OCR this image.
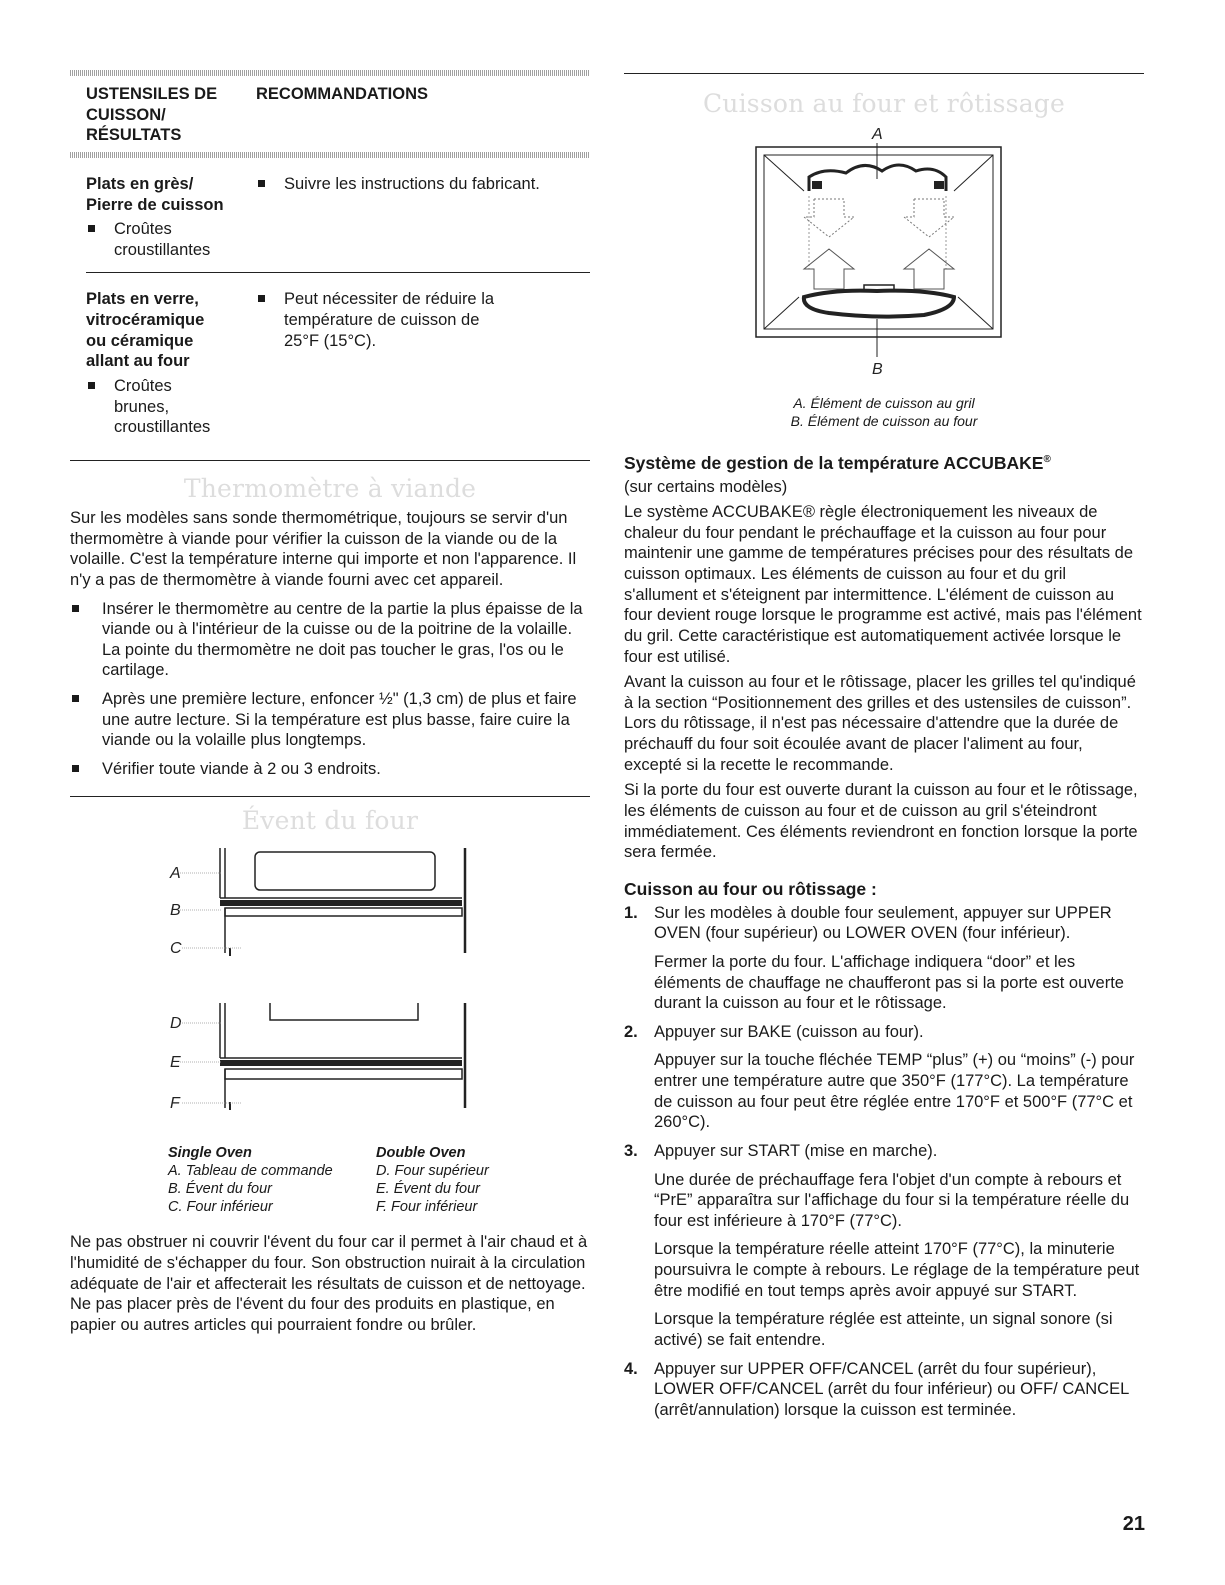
USTENSILES DE
CUISSON/
RÉSULTATS
RECOMMANDATIONS
Plats en grès/
Pierre de cuisson
Croûtes
croustillantes
Suivre les instructions du fabricant.
Plats en verre,
vitrocéramique
ou céramique
allant au four
Croûtes
brunes,
croustillantes
Peut nécessiter de réduire la
température de cuisson de
25°F (15°C).
Thermomètre à viande

Sur les modèles sans sonde thermométrique, toujours se servir d'un thermomètre à viande pour vérifier la cuisson de la viande ou de la volaille. C'est la température interne qui importe et non l'apparence. Il n'y a pas de thermomètre à viande fourni avec cet appareil.

Insérer le thermomètre au centre de la partie la plus épaisse de la viande ou à l'intérieur de la cuisse ou de la poitrine de la volaille. La pointe du thermomètre ne doit pas toucher le gras, l'os ou le cartilage.
Après une première lecture, enfoncer ½" (1,3 cm) de plus et faire une autre lecture. Si la température est plus basse, faire cuire la viande ou la volaille plus longtemps.
Vérifier toute viande à 2 ou 3 endroits.
Évent du four
A
B
C
D
E
F
Single Oven
A. Tableau de commande
B. Évent du four
C. Four inférieur
Double Oven
D. Four supérieur
E. Évent du four
F. Four inférieur

Ne pas obstruer ni couvrir l'évent du four car il permet à l'air chaud et à l'humidité de s'échapper du four. Son obstruction nuirait à la circulation adéquate de l'air et affecterait les résultats de cuisson et de nettoyage. Ne pas placer près de l'évent du four des produits en plastique, en papier ou autres articles qui pourraient fondre ou brûler.

Cuisson au four et rôtissage
A
B
A. Élément de cuisson au gril
B. Élément de cuisson au four
Système de gestion de la température ACCUBAKE®

(sur certains modèles)

Le système ACCUBAKE® règle électroniquement les niveaux de chaleur du four pendant le préchauffage et la cuisson au four pour maintenir une gamme de températures précises pour des résultats de cuisson optimaux. Les éléments de cuisson au four et du gril s'allument et s'éteignent par intermittence. L'élément de cuisson au four devient rouge lorsque le programme est activé, mais pas l'élément du gril. Cette caractéristique est automatiquement activée lorsque le four est utilisé.

Avant la cuisson au four et le rôtissage, placer les grilles tel qu'indiqué à la section “Positionnement des grilles et des ustensiles de cuisson”. Lors du rôtissage, il n'est pas nécessaire d'attendre que la durée de préchauff du four soit écoulée avant de placer l'aliment au four, excepté si la recette le recommande.

Si la porte du four est ouverte durant la cuisson au four et le rôtissage, les éléments de cuisson au four et de cuisson au gril s'éteindront immédiatement. Ces éléments reviendront en fonction lorsque la porte sera fermée.

Cuisson au four ou rôtissage :
1. Sur les modèles à double four seulement, appuyer sur UPPER OVEN (four supérieur) ou LOWER OVEN (four inférieur).

Fermer la porte du four. L'affichage indiquera “door” et les éléments de chauffage ne chaufferont pas si la porte est ouverte durant la cuisson au four et le rôtissage.

2. Appuyer sur BAKE (cuisson au four).

Appuyer sur la touche fléchée TEMP “plus” (+) ou “moins” (-) pour entrer une température autre que 350°F (177°C). La température de cuisson au four peut être réglée entre 170°F et 500°F (77°C et 260°C).

3. Appuyer sur START (mise en marche).

Une durée de préchauffage fera l'objet d'un compte à rebours et “PrE” apparaîtra sur l'affichage du four si la température réelle du four est inférieure à 170°F (77°C).

Lorsque la température réelle atteint 170°F (77°C), la minuterie poursuivra le compte à rebours. Le réglage de la température peut être modifié en tout temps après avoir appuyé sur START.

Lorsque la température réglée est atteinte, un signal sonore (si activé) se fait entendre.

4. Appuyer sur UPPER OFF/CANCEL (arrêt du four supérieur), LOWER OFF/CANCEL (arrêt du four inférieur) ou OFF/ CANCEL (arrêt/annulation) lorsque la cuisson est terminée.

21
